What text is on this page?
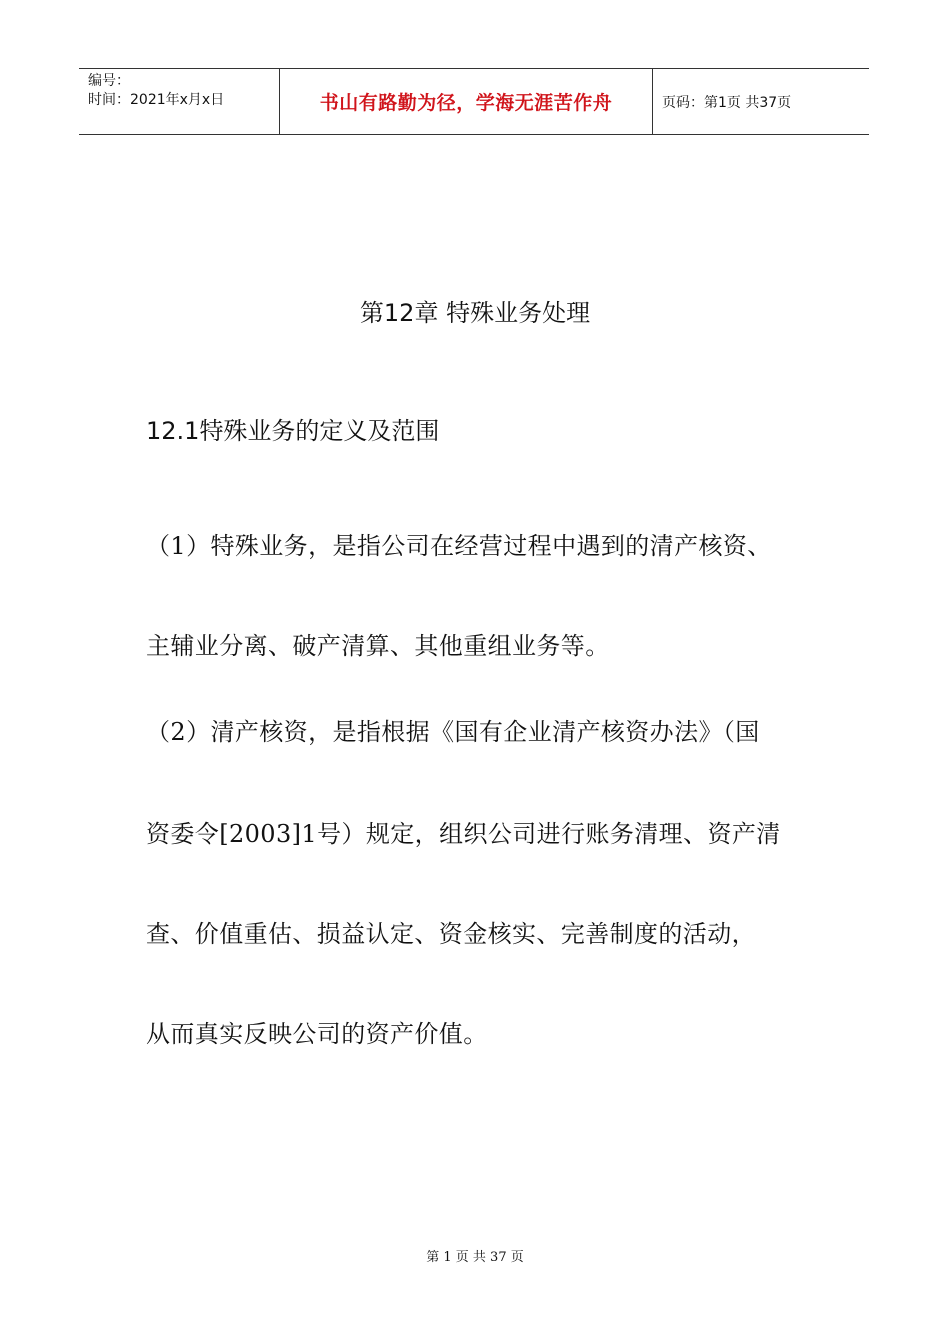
编号：
时间：2021年x月x日	书山有路勤为径，学海无涯苦作舟	页码：第1页 共37页
第12章 特殊业务处理
12.1特殊业务的定义及范围
（1）特殊业务，是指公司在经营过程中遇到的清产核资、
主辅业分离、破产清算、其他重组业务等。
（2）清产核资，是指根据《国有企业清产核资办法》（国
资委令[2003]1号）规定，组织公司进行账务清理、资产清
查、价值重估、损益认定、资金核实、完善制度的活动，
从而真实反映公司的资产价值。
第 1 页 共 37 页
